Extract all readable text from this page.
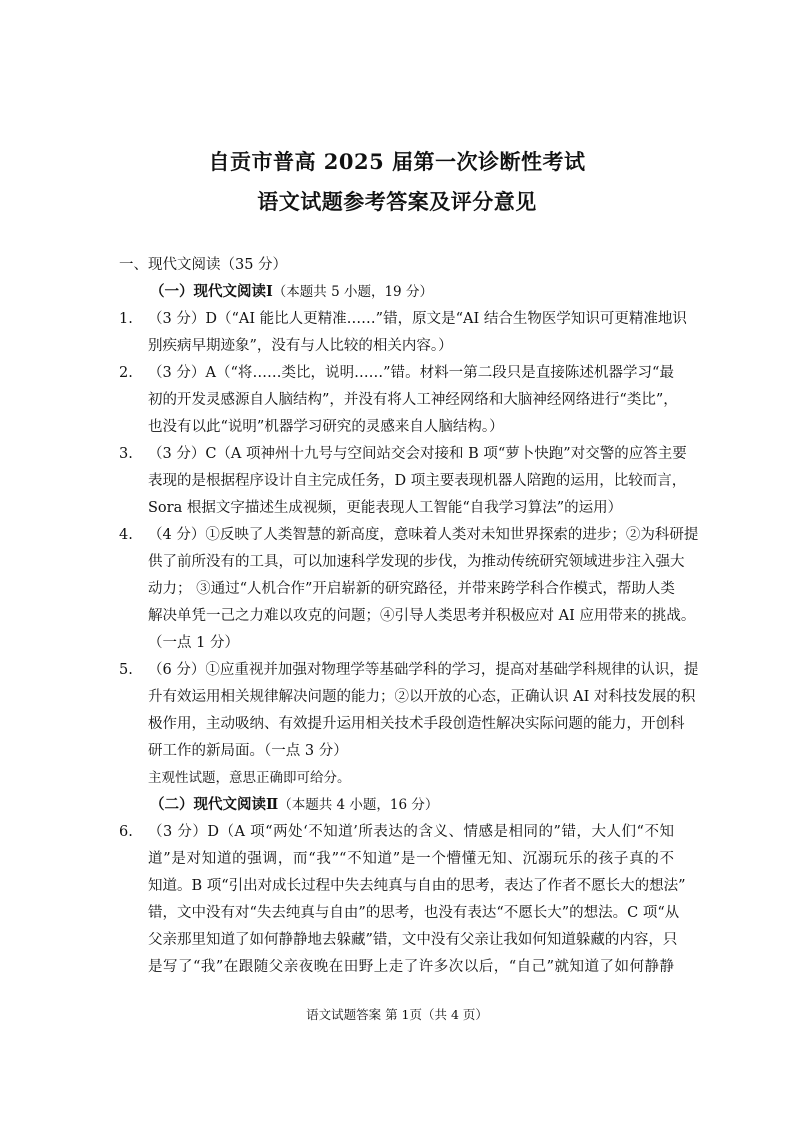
自贡市普高 2025 届第一次诊断性考试
语文试题参考答案及评分意见
一、现代文阅读（35 分）
（一）现代文阅读Ⅰ（本题共 5 小题，19 分）
1. （3 分）D（“AI 能比人更精准……”错，原文是“AI 结合生物医学知识可更精准地识
别疾病早期迹象”，没有与人比较的相关内容。）
2. （3 分）A（“将……类比，说明……”错。材料一第二段只是直接陈述机器学习“最
初的开发灵感源自人脑结构”，并没有将人工神经网络和大脑神经网络进行“类比”，
也没有以此“说明”机器学习研究的灵感来自人脑结构。）
3. （3 分）C（A 项神州十九号与空间站交会对接和 B 项“萝卜快跑”对交警的应答主要
表现的是根据程序设计自主完成任务，D 项主要表现机器人陪跑的运用，比较而言，
Sora 根据文字描述生成视频，更能表现人工智能“自我学习算法”的运用）
4. （4 分）①反映了人类智慧的新高度，意味着人类对未知世界探索的进步；②为科研提
供了前所没有的工具，可以加速科学发现的步伐，为推动传统研究领域进步注入强大
动力； ③通过“人机合作”开启崭新的研究路径，并带来跨学科合作模式，帮助人类
解决单凭一己之力难以攻克的问题；④引导人类思考并积极应对 AI 应用带来的挑战。
（一点 1 分）
5. （6 分）①应重视并加强对物理学等基础学科的学习，提高对基础学科规律的认识，提
升有效运用相关规律解决问题的能力；②以开放的心态，正确认识 AI 对科技发展的积
极作用，主动吸纳、有效提升运用相关技术手段创造性解决实际问题的能力，开创科
研工作的新局面。（一点 3 分）
主观性试题，意思正确即可给分。
（二）现代文阅读Ⅱ（本题共 4 小题，16 分）
6. （3 分）D（A 项“两处‘不知道’所表达的含义、情感是相同的”错，大人们“不知
道”是对知道的强调，而“我”“不知道”是一个懵懂无知、沉溺玩乐的孩子真的不
知道。B 项“引出对成长过程中失去纯真与自由的思考，表达了作者不愿长大的想法”
错，文中没有对“失去纯真与自由”的思考，也没有表达“不愿长大”的想法。C 项“从
父亲那里知道了如何静静地去躲藏”错，文中没有父亲让我如何知道躲藏的内容，只
是写了“我”在跟随父亲夜晚在田野上走了许多次以后，“自己”就知道了如何静静
语文试题答案 第 1页（共 4 页）
